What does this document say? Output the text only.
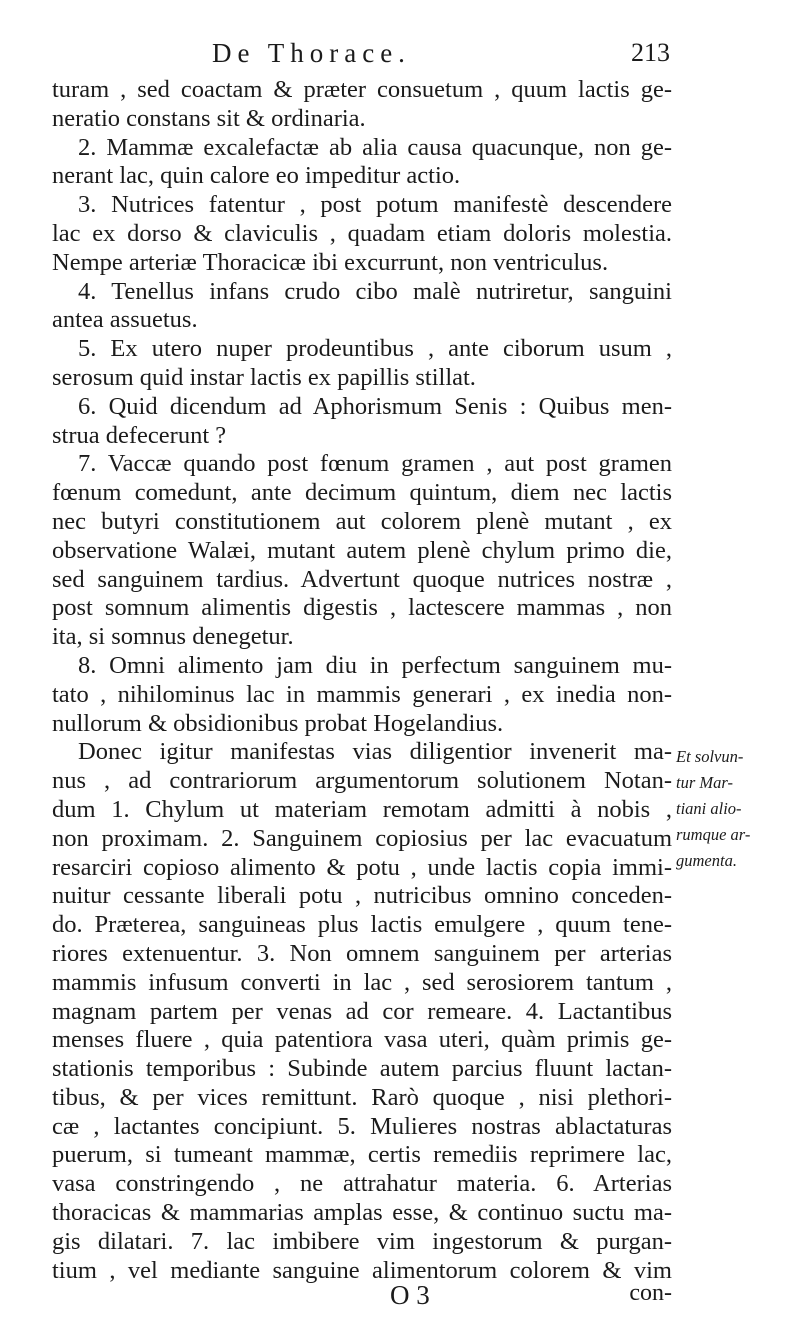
De Thorace.	213
turam , sed coactam & præter consuetum , quum lactis ge-
neratio constans sit & ordinaria.
2. Mammæ excalefactæ ab alia causa quacunque, non ge-
nerant lac, quin calore eo impeditur actio.
3. Nutrices fatentur , post potum manifestè descendere
lac ex dorso & claviculis , quadam etiam doloris molestia.
Nempe arteriæ Thoracicæ ibi excurrunt, non ventriculus.
4. Tenellus infans crudo cibo malè nutriretur, sanguini
antea assuetus.
5. Ex utero nuper prodeuntibus , ante ciborum usum ,
serosum quid instar lactis ex papillis stillat.
6. Quid dicendum ad Aphorismum Senis : Quibus men-
strua defecerunt ?
7. Vaccæ quando post fœnum gramen , aut post gramen
fœnum comedunt, ante decimum quintum, diem nec lactis
nec butyri constitutionem aut colorem plenè mutant , ex
observatione Walæi, mutant autem plenè chylum primo die,
sed sanguinem tardius. Advertunt quoque nutrices nostræ ,
post somnum alimentis digestis , lactescere mammas , non
ita, si somnus denegetur.
8. Omni alimento jam diu in perfectum sanguinem mu-
tato , nihilominus lac in mammis generari , ex inedia non-
nullorum & obsidionibus probat Hogelandius.
Donec igitur manifestas vias diligentior invenerit ma-
nus , ad contrariorum argumentorum solutionem Notan-
dum 1. Chylum ut materiam remotam admitti à nobis ,
non proximam. 2. Sanguinem copiosius per lac evacuatum
resarciri copioso alimento & potu , unde lactis copia immi-
nuitur cessante liberali potu , nutricibus omnino conceden-
do. Præterea, sanguineas plus lactis emulgere , quum tene-
riores extenuentur. 3. Non omnem sanguinem per arterias
mammis infusum converti in lac , sed serosiorem tantum ,
magnam partem per venas ad cor remeare. 4. Lactantibus
menses fluere , quia patentiora vasa uteri, quàm primis ge-
stationis temporibus : Subinde autem parcius fluunt lactan-
tibus, & per vices remittunt. Rarò quoque , nisi plethori-
cæ , lactantes concipiunt. 5. Mulieres nostras ablactaturas
puerum, si tumeant mammæ, certis remediis reprimere lac,
vasa constringendo , ne attrahatur materia. 6. Arterias
thoracicas & mammarias amplas esse, & continuo suctu ma-
gis dilatari. 7. lac imbibere vim ingestorum & purgan-
tium , vel mediante sanguine alimentorum colorem & vim
Et solvun-
tur Mar-
tiani alio-
rumque ar-
gumenta.
O 3	con-
